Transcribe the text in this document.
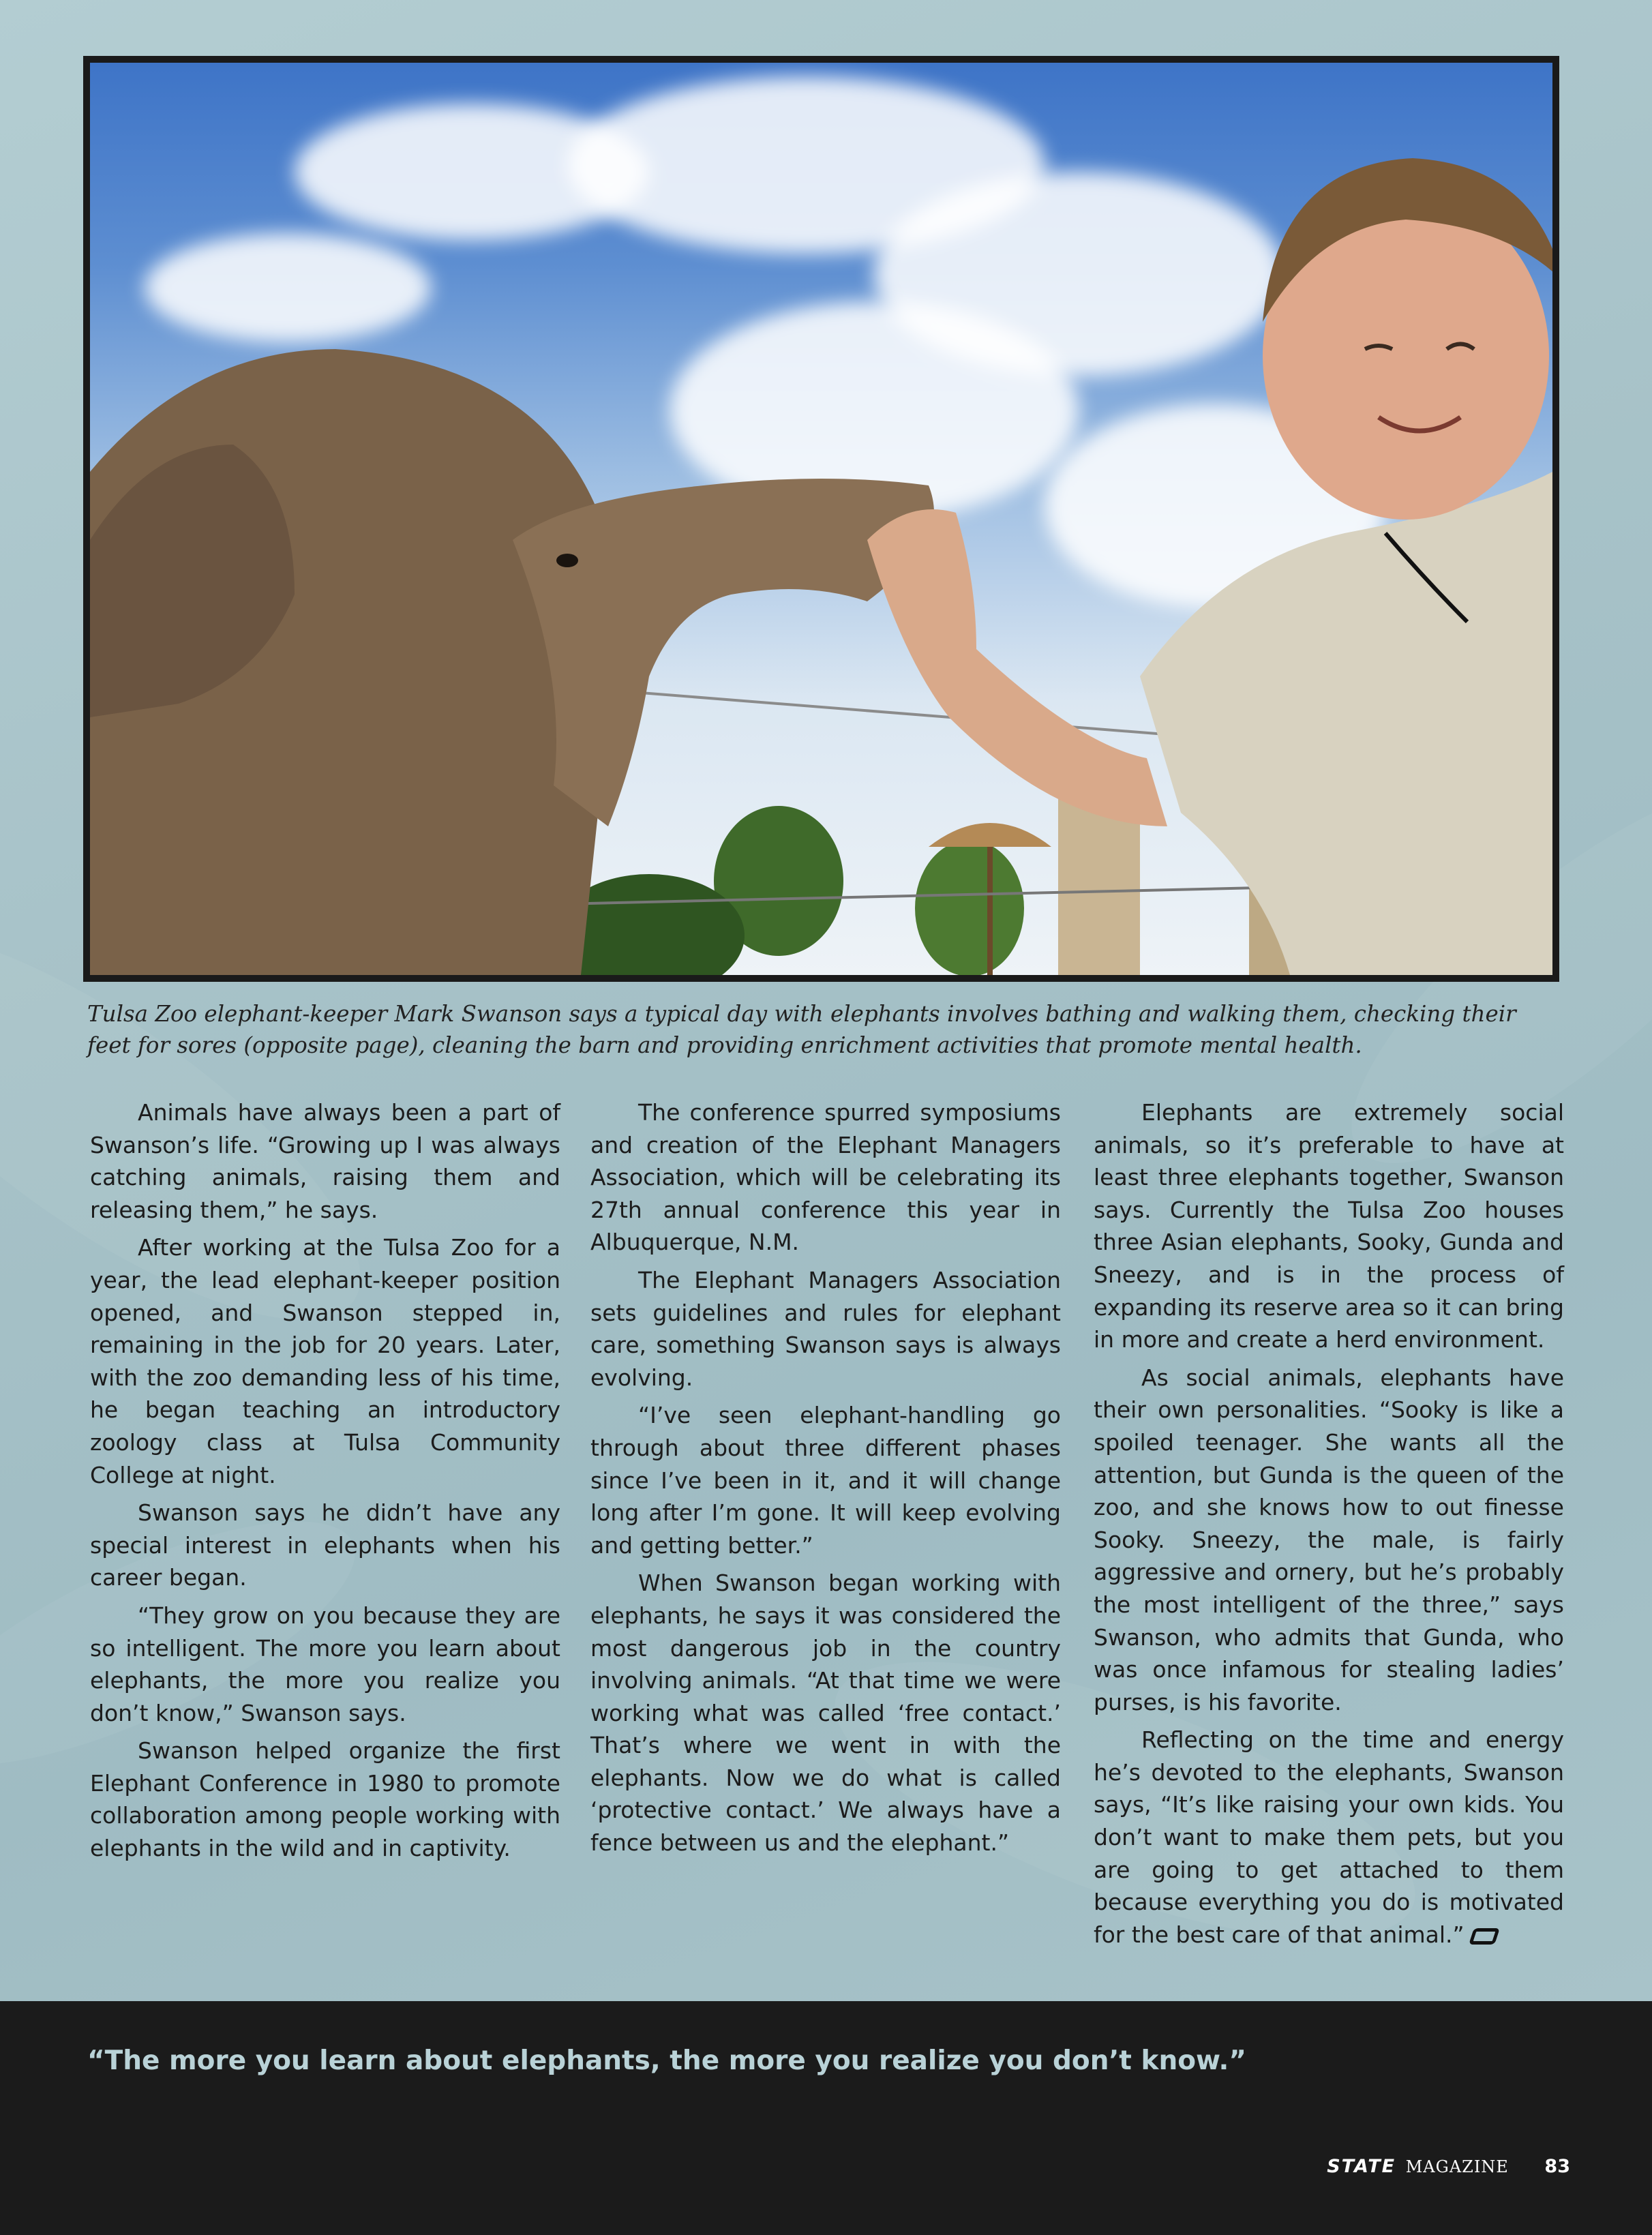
Tulsa Zoo elephant-keeper Mark Swanson says a typical day with elephants involves bathing and walking them, checking their feet for sores (opposite page), cleaning the barn and providing enrichment activities that promote mental health.

Animals have always been a part of Swanson’s life. “Growing up I was always catching animals, raising them and releasing them,” he says.

After working at the Tulsa Zoo for a year, the lead elephant-keeper position opened, and Swanson stepped in, remaining in the job for 20 years. Later, with the zoo demanding less of his time, he began teaching an introductory zoology class at Tulsa Community College at night.

Swanson says he didn’t have any special interest in elephants when his career began.

“They grow on you because they are so intelligent. The more you learn about elephants, the more you realize you don’t know,” Swanson says.

Swanson helped organize the first Elephant Conference in 1980 to promote collaboration among people working with elephants in the wild and in captivity.

The conference spurred symposiums and creation of the Elephant Managers Association, which will be celebrating its 27th annual conference this year in Albuquerque, N.M.

The Elephant Managers Association sets guidelines and rules for elephant care, something Swanson says is always evolving.

“I’ve seen elephant-handling go through about three different phases since I’ve been in it, and it will change long after I’m gone. It will keep evolving and getting better.”

When Swanson began working with elephants, he says it was considered the most dangerous job in the country involving animals. “At that time we were working what was called ‘free contact.’ That’s where we went in with the elephants. Now we do what is called ‘protective contact.’ We always have a fence between us and the elephant.”

Elephants are extremely social animals, so it’s preferable to have at least three elephants together, Swanson says. Currently the Tulsa Zoo houses three Asian elephants, Sooky, Gunda and Sneezy, and is in the process of expanding its reserve area so it can bring in more and create a herd environment.

As social animals, elephants have their own personalities. “Sooky is like a spoiled teenager. She wants all the attention, but Gunda is the queen of the zoo, and she knows how to out finesse Sooky. Sneezy, the male, is fairly aggressive and ornery, but he’s probably the most intelligent of the three,” says Swanson, who admits that Gunda, who was once infamous for stealing ladies’ purses, is his favorite.

Reflecting on the time and energy he’s devoted to the elephants, Swanson says, “It’s like raising your own kids. You don’t want to make them pets, but you are going to get attached to them because everything you do is motivated for the best care of that animal.”

“The more you learn about elephants, the more you realize you don’t know.”
STATE MAGAZINE 83
